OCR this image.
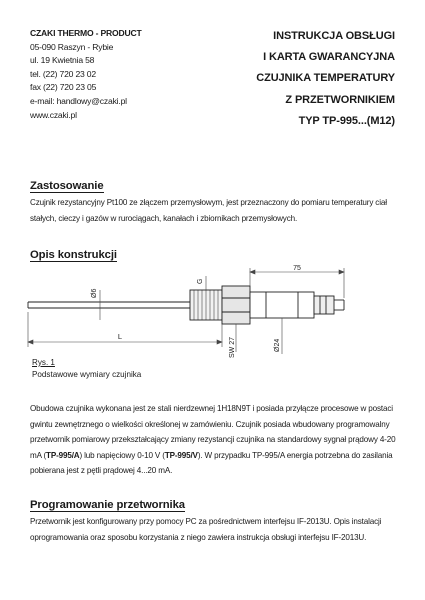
CZAKI THERMO - PRODUCT
05-090 Raszyn - Rybie
ul. 19 Kwietnia 58
tel. (22) 720 23 02
fax (22) 720 23 05
e-mail: handlowy@czaki.pl
www.czaki.pl
INSTRUKCJA OBSŁUGI
I KARTA GWARANCYJNA
CZUJNIKA TEMPERATURY
Z PRZETWORNIKIEM
TYP TP-995...(M12)
Zastosowanie
Czujnik rezystancyjny Pt100 ze złączem przemysłowym, jest przeznaczony do pomiaru temperatury ciał stałych, cieczy i gazów w rurociągach, kanałach i zbiornikach przemysłowych.
Opis konstrukcji
75
G
Ø6
L
SW 27	Ø24
Rys. 1
Podstawowe wymiary czujnika
Obudowa czujnika wykonana jest ze stali nierdzewnej 1H18N9T i posiada przyłącze procesowe w postaci gwintu zewnętrznego o wielkości określonej w zamówieniu. Czujnik posiada wbudowany programowalny przetwornik pomiarowy przekształcający zmiany rezystancji czujnika na standardowy sygnał prądowy 4-20 mA (TP-995/A) lub napięciowy 0-10 V (TP-995/V). W przypadku TP-995/A energia potrzebna do zasilania pobierana jest z pętli prądowej 4...20 mA.
Programowanie przetwornika
Przetwornik jest konfigurowany przy pomocy PC za pośrednictwem interfejsu IF-2013U. Opis instalacji oprogramowania oraz sposobu korzystania z niego zawiera instrukcja obsługi interfejsu IF-2013U.
